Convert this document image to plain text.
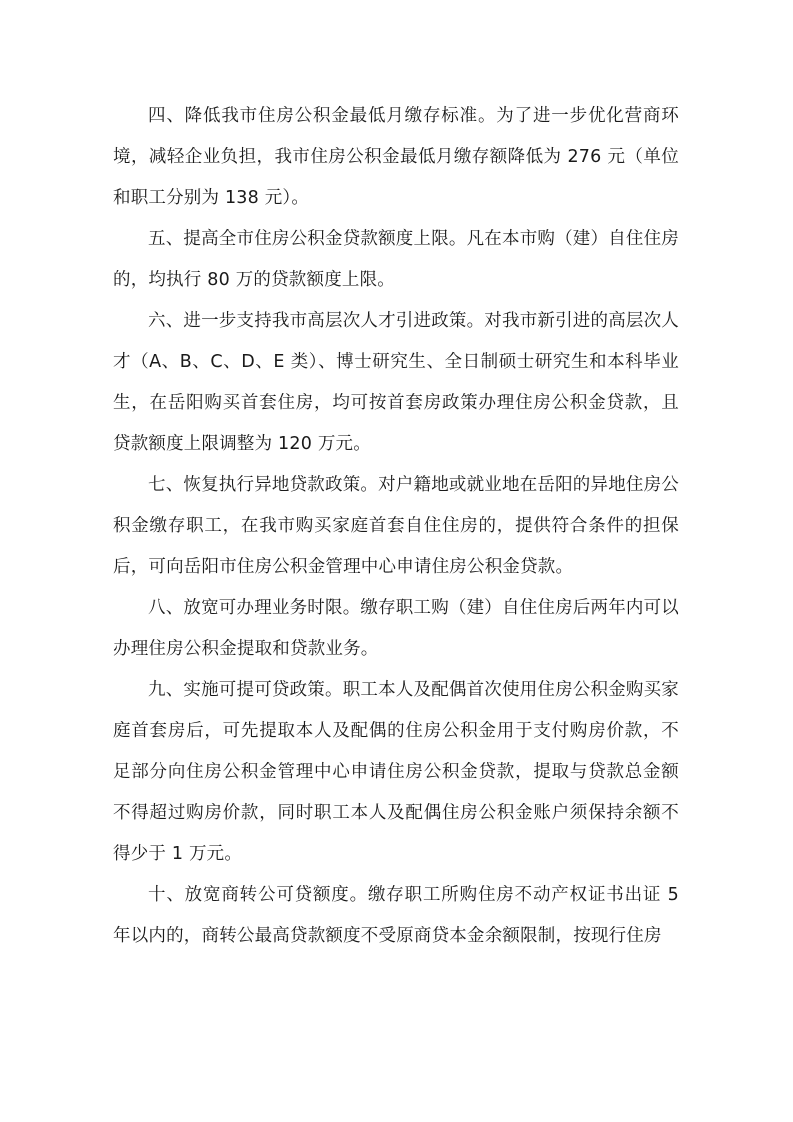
四、降低我市住房公积金最低月缴存标准。为了进一步优化营商环境，减轻企业负担，我市住房公积金最低月缴存额降低为 276 元（单位和职工分别为 138 元）。

五、提高全市住房公积金贷款额度上限。凡在本市购（建）自住住房的，均执行 80 万的贷款额度上限。

六、进一步支持我市高层次人才引进政策。对我市新引进的高层次人才（A、B、C、D、E 类）、博士研究生、全日制硕士研究生和本科毕业生，在岳阳购买首套住房，均可按首套房政策办理住房公积金贷款，且贷款额度上限调整为 120 万元。

七、恢复执行异地贷款政策。对户籍地或就业地在岳阳的异地住房公积金缴存职工，在我市购买家庭首套自住住房的，提供符合条件的担保后，可向岳阳市住房公积金管理中心申请住房公积金贷款。

八、放宽可办理业务时限。缴存职工购（建）自住住房后两年内可以办理住房公积金提取和贷款业务。

九、实施可提可贷政策。职工本人及配偶首次使用住房公积金购买家庭首套房后，可先提取本人及配偶的住房公积金用于支付购房价款，不足部分向住房公积金管理中心申请住房公积金贷款，提取与贷款总金额不得超过购房价款，同时职工本人及配偶住房公积金账户须保持余额不得少于 1 万元。

十、放宽商转公可贷额度。缴存职工所购住房不动产权证书出证 5 年以内的，商转公最高贷款额度不受原商贷本金余额限制，按现行住房
